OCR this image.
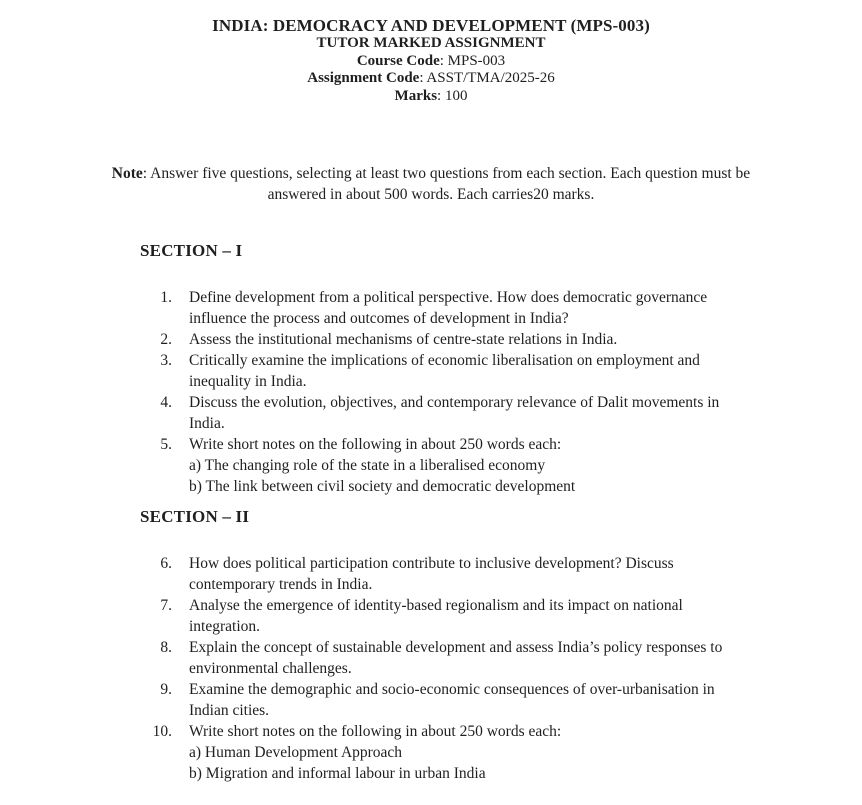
INDIA: DEMOCRACY AND DEVELOPMENT (MPS-003)
TUTOR MARKED ASSIGNMENT
Course Code: MPS-003
Assignment Code: ASST/TMA/2025-26
Marks: 100

Note: Answer five questions, selecting at least two questions from each section. Each question must be answered in about 500 words. Each carries20 marks.

SECTION – I
1. Define development from a political perspective. How does democratic governance influence the process and outcomes of development in India?
2. Assess the institutional mechanisms of centre-state relations in India.
3. Critically examine the implications of economic liberalisation on employment and inequality in India.
4. Discuss the evolution, objectives, and contemporary relevance of Dalit movements in India.
5. Write short notes on the following in about 250 words each:
a) The changing role of the state in a liberalised economy
b) The link between civil society and democratic development
SECTION – II
6. How does political participation contribute to inclusive development? Discuss contemporary trends in India.
7. Analyse the emergence of identity-based regionalism and its impact on national integration.
8. Explain the concept of sustainable development and assess India’s policy responses to environmental challenges.
9. Examine the demographic and socio-economic consequences of over-urbanisation in Indian cities.
10. Write short notes on the following in about 250 words each:
a) Human Development Approach
b) Migration and informal labour in urban India
